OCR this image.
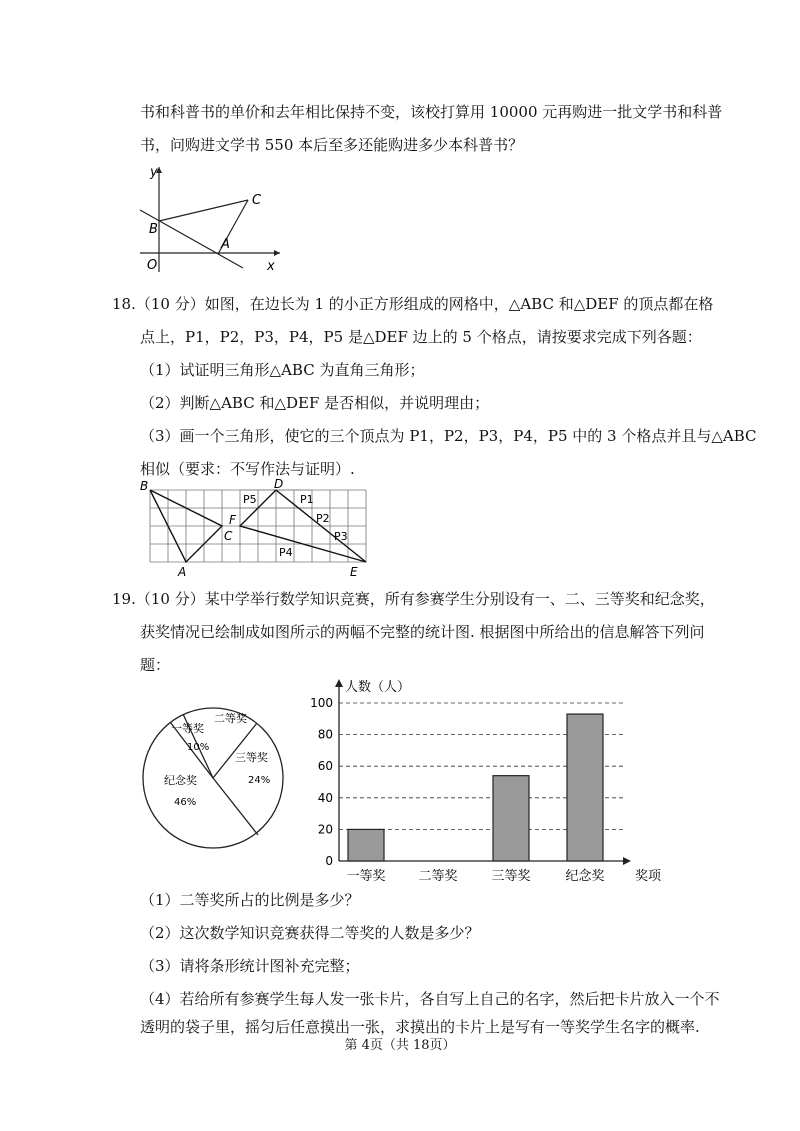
书和科普书的单价和去年相比保持不变，该校打算用 10000 元再购进一批文学书和科普
书，问购进文学书 550 本后至多还能购进多少本科普书？
y
x
O
B
C
A
18.（10 分）如图，在边长为 1 的小正方形组成的网格中，△ABC 和△DEF 的顶点都在格
点上，P1，P2，P3，P4，P5 是△DEF 边上的 5 个格点，请按要求完成下列各题：
（1）试证明三角形△ABC 为直角三角形；
（2）判断△ABC 和△DEF 是否相似，并说明理由；
（3）画一个三角形，使它的三个顶点为 P1，P2，P3，P4，P5 中的 3 个格点并且与△ABC
相似（要求：不写作法与证明）.
B
A
C
D
F
E
P5	P1
P2
P3
P4
19.（10 分）某中学举行数学知识竞赛，所有参赛学生分别设有一、二、三等奖和纪念奖，
获奖情况已绘制成如图所示的两幅不完整的统计图. 根据图中所给出的信息解答下列问
题：
一等奖
10%
二等奖
三等奖
24%
纪念奖
46%
0
20
40
60
80
100
人数（人）
奖项
一等奖	二等奖	三等奖	纪念奖
（1）二等奖所占的比例是多少？
（2）这次数学知识竞赛获得二等奖的人数是多少？
（3）请将条形统计图补充完整；
（4）若给所有参赛学生每人发一张卡片，各自写上自己的名字，然后把卡片放入一个不
透明的袋子里，摇匀后任意摸出一张，求摸出的卡片上是写有一等奖学生名字的概率.
第 4页（共 18页）
